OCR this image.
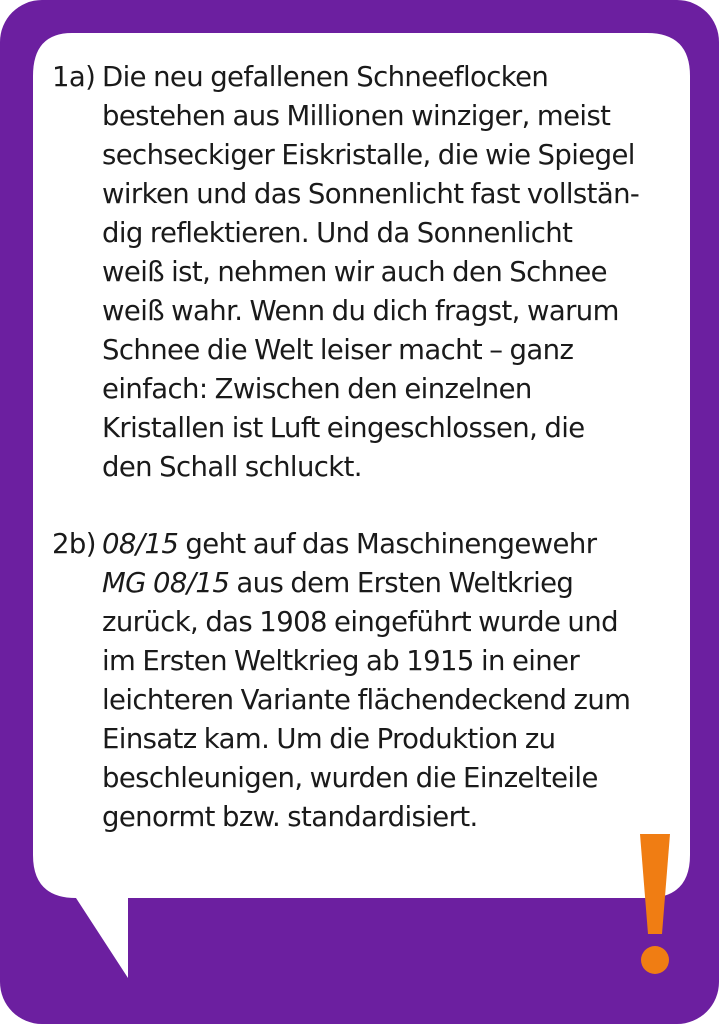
1a) Die neu gefallenen Schneeflocken
bestehen aus Millionen winziger, meist
sechseckiger Eiskristalle, die wie Spiegel
wirken und das Sonnenlicht fast vollstän-
dig reflektieren. Und da Sonnenlicht
weiß ist, nehmen wir auch den Schnee
weiß wahr. Wenn du dich fragst, warum
Schnee die Welt leiser macht – ganz
einfach: Zwischen den einzelnen
Kristallen ist Luft eingeschlossen, die
den Schall schluckt.
2b) 08/15 geht auf das Maschinengewehr
MG 08/15 aus dem Ersten Weltkrieg
zurück, das 1908 eingeführt wurde und
im Ersten Weltkrieg ab 1915 in einer
leichteren Variante flächendeckend zum
Einsatz kam. Um die Produktion zu
beschleunigen, wurden die Einzelteile
genormt bzw. standardisiert.
